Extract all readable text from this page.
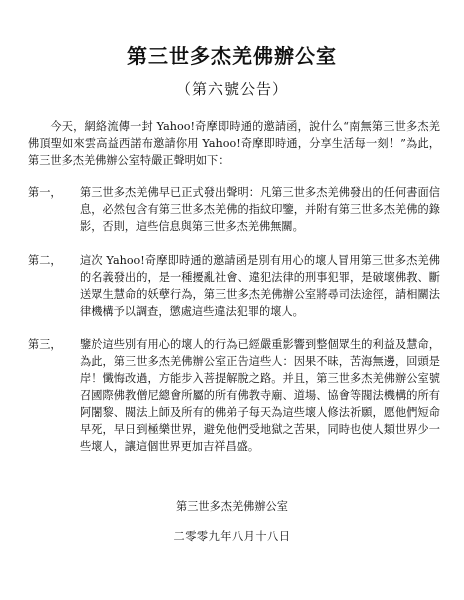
第三世多杰羌佛辦公室
（第六號公告）
今天，網絡流傳一封 Yahoo!奇摩即時通的邀請函，說什么“南無第三世多杰羌佛頂聖如來雲高益西諾布邀請你用 Yahoo!奇摩即時通，分享生活每一刻！”為此，第三世多杰羌佛辦公室特嚴正聲明如下：
第一，	第三世多杰羌佛早已正式發出聲明：凡第三世多杰羌佛發出的任何書面信息，必然包含有第三世多杰羌佛的指紋印鑒，并附有第三世多杰羌佛的錄影，否則，這些信息與第三世多杰羌佛無關。
第二，	這次 Yahoo!奇摩即時通的邀請函是別有用心的壞人冒用第三世多杰羌佛的名義發出的，是一種擾亂社會、違犯法律的刑事犯罪，是破壞佛教、斷送眾生慧命的妖孽行為，第三世多杰羌佛辦公室將尋司法途徑，請相關法律機構予以調查，懲處這些違法犯罪的壞人。
第三，	鑒於這些別有用心的壞人的行為已經嚴重影響到整個眾生的利益及慧命，為此，第三世多杰羌佛辦公室正告這些人：因果不昧，苦海無邊，回頭是岸！懺悔改過，方能步入菩提解脫之路。并且，第三世多杰羌佛辦公室號召國際佛教僧尼總會所屬的所有佛教寺廟、道場、協會等閥法機構的所有阿闍黎、閥法上師及所有的佛弟子每天為這些壞人修法祈願，愿他們短命早死，早日到極樂世界，避免他們受地獄之苦果，同時也使人類世界少一些壞人，讓這個世界更加吉祥昌盛。
第三世多杰羌佛辦公室
二零零九年八月十八日
